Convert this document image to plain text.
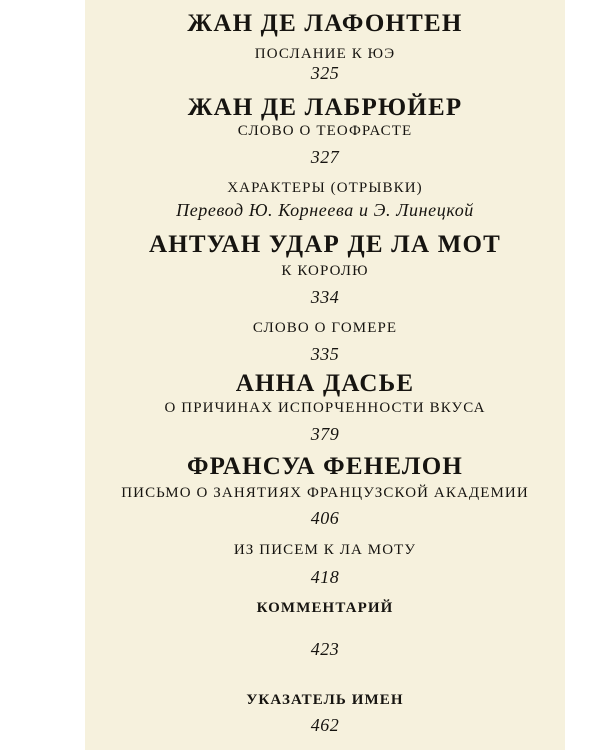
ЖАН ДЕ ЛАФОНТЕН
ПОСЛАНИЕ К ЮЭ
325
ЖАН ДЕ ЛАБРЮЙЕР
СЛОВО О ТЕОФРАСТЕ
327
ХАРАКТЕРЫ (ОТРЫВКИ)
Перевод Ю. Корнеева и Э. Линецкой
АНТУАН УДАР ДЕ ЛА МОТ
К КОРОЛЮ
334
СЛОВО О ГОМЕРЕ
335
АННА ДАСЬЕ
О ПРИЧИНАХ ИСПОРЧЕННОСТИ ВКУСА
379
ФРАНСУА ФЕНЕЛОН
ПИСЬМО О ЗАНЯТИЯХ ФРАНЦУЗСКОЙ АКАДЕМИИ
406
ИЗ ПИСЕМ К ЛА МОТУ
418
КОММЕНТАРИЙ
423
УКАЗАТЕЛЬ ИМЕН
462
